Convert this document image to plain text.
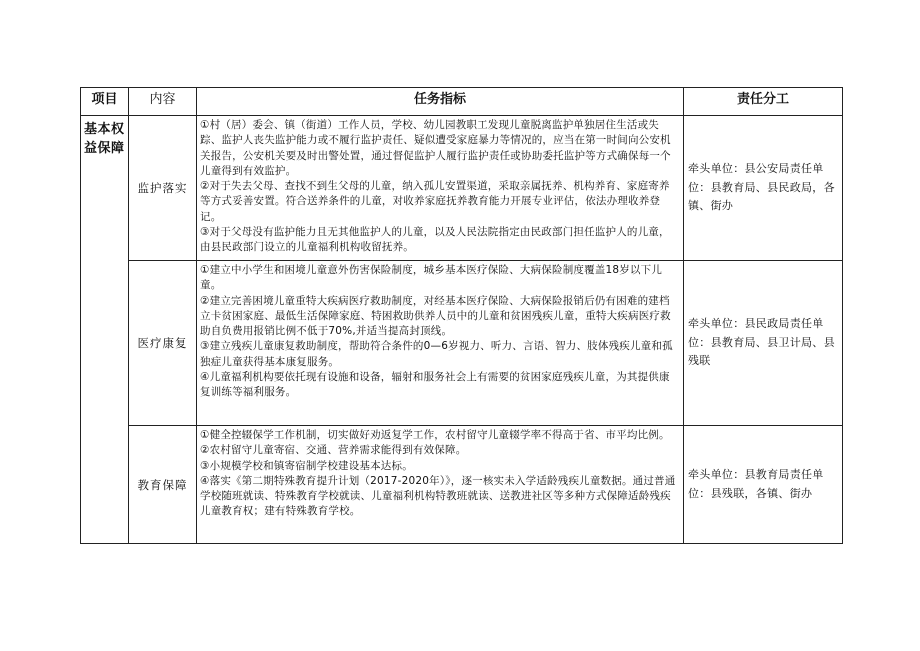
项目	内容	任务指标	责任分工
基本权益保障	监护落实	①村（居）委会、镇（街道）工作人员，学校、幼儿园教职工发现儿童脱离监护单独居住生活或失踪、监护人丧失监护能力或不履行监护责任、疑似遭受家庭暴力等情况的，应当在第一时间向公安机关报告，公安机关要及时出警处置，通过督促监护人履行监护责任或协助委托监护等方式确保每一个儿童得到有效监护。

②对于失去父母、查找不到生父母的儿童，纳入孤儿安置渠道，采取亲属抚养、机构养育、家庭寄养等方式妥善安置。符合送养条件的儿童，对收养家庭抚养教育能力开展专业评估，依法办理收养登记。

③对于父母没有监护能力且无其他监护人的儿童，以及人民法院指定由民政部门担任监护人的儿童，由县民政部门设立的儿童福利机构收留抚养。	牵头单位：县公安局责任单位：县教育局、县民政局，各镇、街办
	医疗康复	①建立中小学生和困境儿童意外伤害保险制度，城乡基本医疗保险、大病保险制度覆盖18岁以下儿童。

②建立完善困境儿童重特大疾病医疗救助制度，对经基本医疗保险、大病保险报销后仍有困难的建档立卡贫困家庭、最低生活保障家庭、特困救助供养人员中的儿童和贫困残疾儿童，重特大疾病医疗救助自负费用报销比例不低于70%,并适当提高封顶线。

③建立残疾儿童康复救助制度，帮助符合条件的0—6岁视力、听力、言语、智力、肢体残疾儿童和孤独症儿童获得基本康复服务。

④儿童福利机构要依托现有设施和设备，辐射和服务社会上有需要的贫困家庭残疾儿童，为其提供康复训练等福利服务。	牵头单位：县民政局责任单位：县教育局、县卫计局、县残联
	教育保障	①健全控辍保学工作机制，切实做好劝返复学工作，农村留守儿童辍学率不得高于省、市平均比例。

②农村留守儿童寄宿、交通、营养需求能得到有效保障。

③小规模学校和镇寄宿制学校建设基本达标。

④落实《第二期特殊教育提升计划（2017-2020年）》，逐一核实未入学适龄残疾儿童数据。通过普通学校随班就读、特殊教育学校就读、儿童福利机构特教班就读、送教进社区等多种方式保障适龄残疾儿童教育权；建有特殊教育学校。	牵头单位：县教育局责任单位：县残联，各镇、街办
